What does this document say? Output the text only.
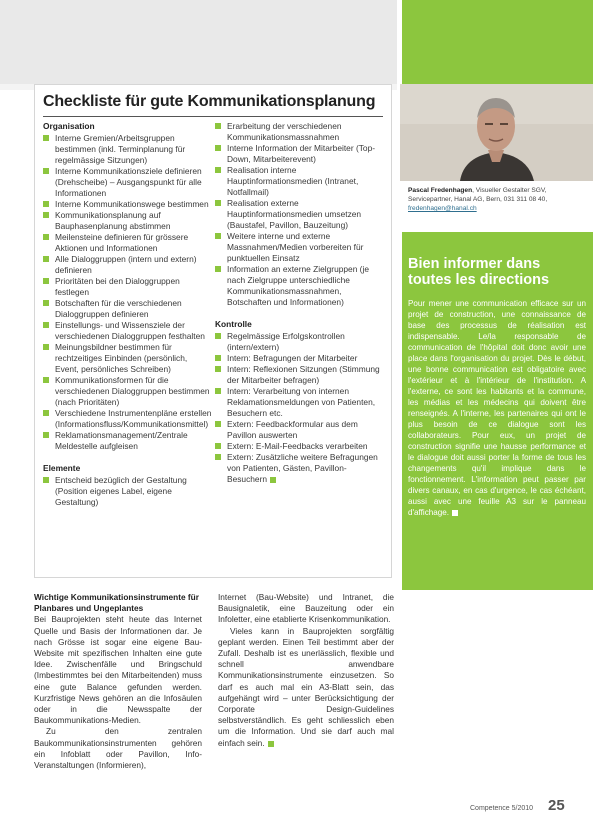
Checkliste für gute Kommunikationsplanung
Organisation
Interne Gremien/Arbeitsgruppen bestimmen (inkl. Terminplanung für regelmässige Sitzungen)
Interne Kommunikationsziele definieren (Drehscheibe) – Ausgangspunkt für alle Informationen
Interne Kommunikationswege bestimmen
Kommunikationsplanung auf Bauphasenplanung abstimmen
Meilensteine definieren für grössere Aktionen und Informationen
Alle Dialoggruppen (intern und extern) definieren
Prioritäten bei den Dialoggruppen festlegen
Botschaften für die verschiedenen Dialoggruppen definieren
Einstellungs- und Wissensziele der verschiedenen Dialoggruppen festhalten
Meinungsbildner bestimmen für rechtzeitiges Einbinden (persönlich, Event, persönliches Schreiben)
Kommunikationsformen für die verschiedenen Dialoggruppen bestimmen (nach Prioritäten)
Verschiedene Instrumentenpläne erstellen (Informationsfluss/Kommunikationsmittel)
Reklamationsmanagement/Zentrale Meldestelle aufgleisen
Elemente
Entscheid bezüglich der Gestaltung (Position eigenes Label, eigene Gestaltung)
Erarbeitung der verschiedenen Kommunikationsmassnahmen
Interne Information der Mitarbeiter (Top-Down, Mitarbeiterevent)
Realisation interne Hauptinformationsmedien (Intranet, Notfallmail)
Realisation externe Hauptinformationsmedien umsetzen (Baustafel, Pavillon, Bauzeitung)
Weitere interne und externe Massnahmen/Medien vorbereiten für punktuellen Einsatz
Information an externe Zielgruppen (je nach Zielgruppe unterschiedliche Kommunikationsmassnahmen, Botschaften und Informationen)
Kontrolle
Regelmässige Erfolgskontrollen (intern/extern)
Intern: Befragungen der Mitarbeiter
Intern: Reflexionen Sitzungen (Stimmung der Mitarbeiter befragen)
Intern: Verarbeitung von internen Reklamationsmeldungen von Patienten, Besuchern etc.
Extern: Feedbackformular aus dem Pavillon auswerten
Extern: E-Mail-Feedbacks verarbeiten
Extern: Zusätzliche weitere Befragungen von Patienten, Gästen, Pavillon-Besuchern
Pascal Fredenhagen, Visueller Gestalter SGV, Servicepartner, Hanal AG, Bern, 031 311 08 40, fredenhagen@hanal.ch
Bien informer dans toutes les directions
Pour mener une communication efficace sur un projet de construction, une connaissance de base des processus de réalisation est indispensable. Le/la responsable de communication de l'hôpital doit donc avoir une place dans l'organisation du projet. Dès le début, une bonne communication est obligatoire avec l'extérieur et à l'intérieur de l'institution. A l'externe, ce sont les habitants et la commune, les médias et les médecins qui doivent être renseignés. A l'interne, les partenaires qui ont le plus besoin de ce dialogue sont les collaborateurs. Pour eux, un projet de construction signifie une hausse performance et le dialogue doit aussi porter la forme de tous les changements qu'il implique dans le fonctionnement. L'information peut passer par divers canaux, en cas d'urgence, le cas échéant, aussi avec une feuille A3 sur le panneau d'affichage.
Wichtige Kommunikationsinstrumente für Planbares und Ungeplantes

Bei Bauprojekten steht heute das Internet Quelle und Basis der Informationen dar. Je nach Grösse ist sogar eine eigene Bau-Website mit spezifischen Inhalten eine gute Idee. Zwischenfälle und Bringschuld (Imbestimmtes bei den Mitarbeitenden) muss eine gute Balance gefunden werden. Kurzfristige News gehören an die Infosäulen oder in die Newsspalte der Baukommunikations-Medien.

Zu den zentralen Baukommunikationsinstrumenten gehören ein Infoblatt oder Pavillon, Info-Veranstaltungen (Informieren),

Internet (Bau-Website) und Intranet, die Bausignaletik, eine Bauzeitung oder ein Infoletter, eine etablierte Krisenkommunikation.

Vieles kann in Bauprojekten sorgfältig geplant werden. Einen Teil bestimmt aber der Zufall. Deshalb ist es unerlässlich, flexible und schnell anwendbare Kommunikationsinstrumente einzusetzen. So darf es auch mal ein A3-Blatt sein, das aufgehängt wird – unter Berücksichtigung der Corporate Design-Guidelines selbstverständlich. Es geht schliesslich eben um die Information. Und sie darf auch mal einfach sein.

Competence 5/2010 25
